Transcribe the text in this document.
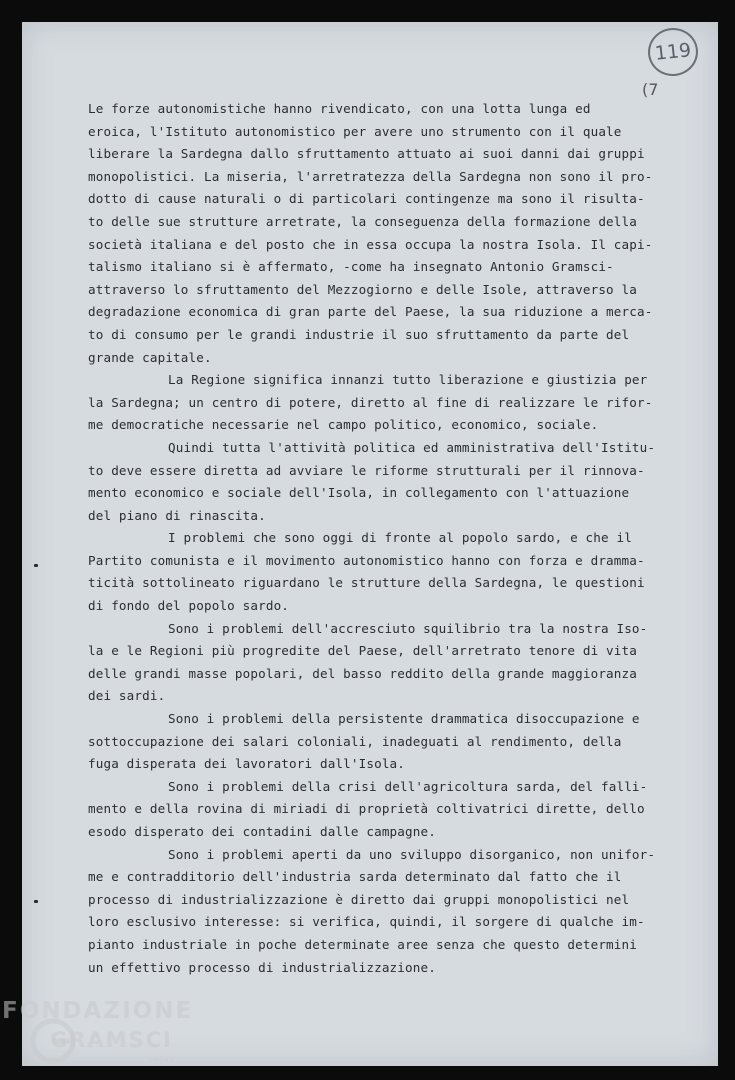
119
(7
Le forze autonomistiche hanno rivendicato, con una lotta lunga ed
eroica, l'Istituto autonomistico per avere uno strumento con il quale
liberare la Sardegna dallo sfruttamento attuato ai suoi danni dai gruppi
monopolistici. La miseria, l'arretratezza della Sardegna non sono il pro-
dotto di cause naturali o di particolari contingenze ma sono il risulta-
to delle sue strutture arretrate, la conseguenza della formazione della
società italiana e del posto che in essa occupa la nostra Isola. Il capi-
talismo italiano si è affermato, -come ha insegnato Antonio Gramsci-
attraverso lo sfruttamento del Mezzogiorno e delle Isole, attraverso la
degradazione economica di gran parte del Paese, la sua riduzione a merca-
to di consumo per le grandi industrie il suo sfruttamento da parte del
grande capitale.
La Regione significa innanzi tutto liberazione e giustizia per
la Sardegna; un centro di potere, diretto al fine di realizzare le rifor-
me democratiche necessarie nel campo politico, economico, sociale.
Quindi tutta l'attività politica ed amministrativa dell'Istitu-
to deve essere diretta ad avviare le riforme strutturali per il rinnova-
mento economico e sociale dell'Isola, in collegamento con l'attuazione
del piano di rinascita.
I problemi che sono oggi di fronte al popolo sardo, e che il
Partito comunista e il movimento autonomistico hanno con forza e dramma-
ticità sottolineato riguardano le strutture della Sardegna, le questioni
di fondo del popolo sardo.
Sono i problemi dell'accresciuto squilibrio tra la nostra Iso-
la e le Regioni più progredite del Paese, dell'arretrato tenore di vita
delle grandi masse popolari, del basso reddito della grande maggioranza
dei sardi.
Sono i problemi della persistente drammatica disoccupazione e
sottoccupazione dei salari coloniali, inadeguati al rendimento, della
fuga disperata dei lavoratori dall'Isola.
Sono i problemi della crisi dell'agricoltura sarda, del falli-
mento e della rovina di miriadi di proprietà coltivatrici dirette, dello
esodo disperato dei contadini dalle campagne.
Sono i problemi aperti da uno sviluppo disorganico, non unifor-
me e contradditorio dell'industria sarda determinato dal fatto che il
processo di industrializzazione è diretto dai gruppi monopolistici nel
loro esclusivo interesse: si verifica, quindi, il sorgere di qualche im-
pianto industriale in poche determinate aree senza che questo determini
un effettivo processo di industrializzazione.
FONDAZIONE
GRAMSCI
onlus
